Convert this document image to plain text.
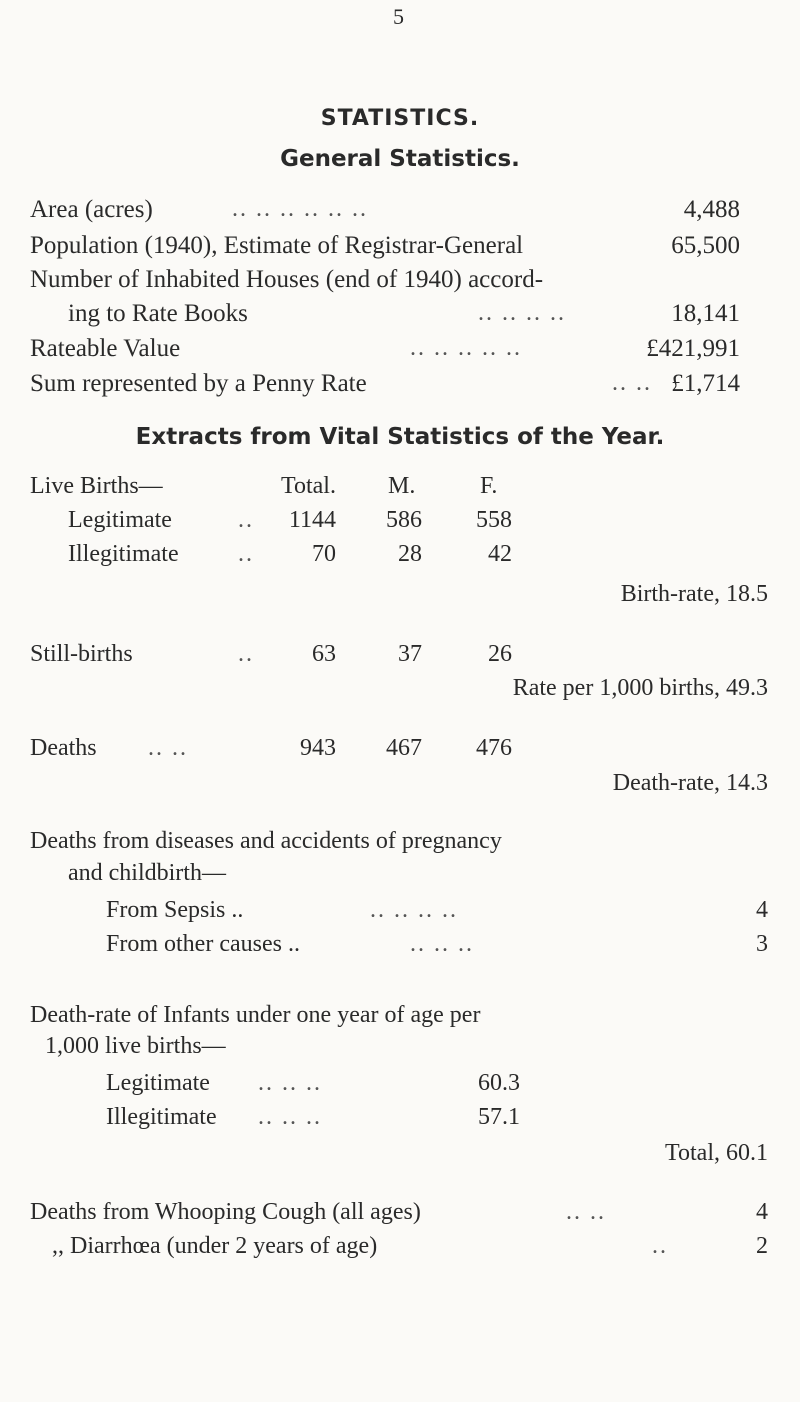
5
STATISTICS.
General Statistics.
Area (acres)	.. .. .. .. .. ..	4,488
Population (1940), Estimate of Registrar-General	65,500
Number of Inhabited Houses (end of 1940) accord-
ing to Rate Books	.. .. .. ..	18,141
Rateable Value	.. .. .. .. ..	£421,991
Sum represented by a Penny Rate	.. .. £1,714
Extracts from Vital Statistics of the Year.
Live Births—	Total. M.	F.
Legitimate	..	1144	586	558
Illegitimate ..	70	28	42
Birth-rate, 18.5
Still-births	..	63	37	26
Rate per 1,000 births, 49.3
Deaths .. ..	943	467	476
Death-rate, 14.3
Deaths from diseases and accidents of pregnancy
and childbirth—
From Sepsis ..	.. .. .. ..	4
From other causes ..	.. .. ..	3
Death-rate of Infants under one year of age per
1,000 live births—
Legitimate .. .. ..	60.3
Illegitimate .. .. ..	57.1
Total, 60.1
Deaths from Whooping Cough (all ages)	.. ..	4
,, Diarrhœa (under 2 years of age)	..	2
